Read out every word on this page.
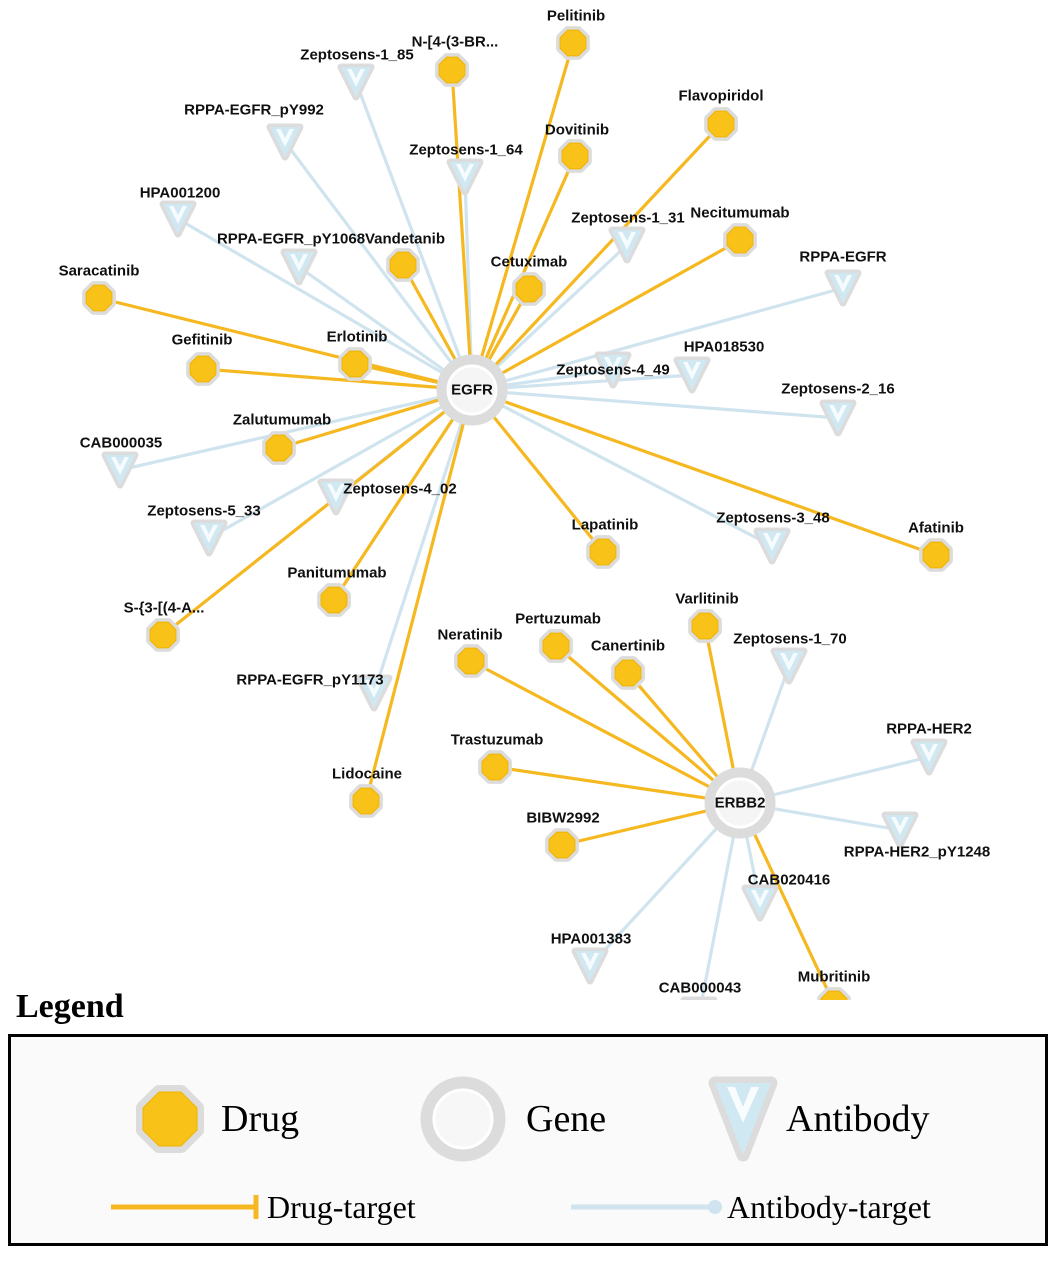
Zeptosens-1_85
RPPA-EGFR_pY992
Zeptosens-1_64
HPA001200
Zeptosens-1_31
RPPA-EGFR_pY1068
RPPA-EGFR
HPA018530
Zeptosens-4_49
Zeptosens-2_16
CAB000035
Zeptosens-4_02
Zeptosens-5_33	Zeptosens-3_48
Zeptosens-1_70
RPPA-EGFR_pY1173
RPPA-HER2
RPPA-HER2_pY1248
CAB020416
HPA001383
CAB000043
Pelitinib
N-[4-(3-BR...
Flavopiridol
Dovitinib
Necitumumab
Vandetanib
Cetuximab
Saracatinib
Erlotinib
Gefitinib
Zalutumumab
Afatinib
Lapatinib
Panitumumab
Varlitinib
S-{3-[(4-A...
Pertuzumab
Neratinib
Canertinib
Trastuzumab
Lidocaine
BIBW2992
Mubritinib
EGFR
ERBB2
Legend
Drug	Gene	Antibody
Drug-target	Antibody-target
